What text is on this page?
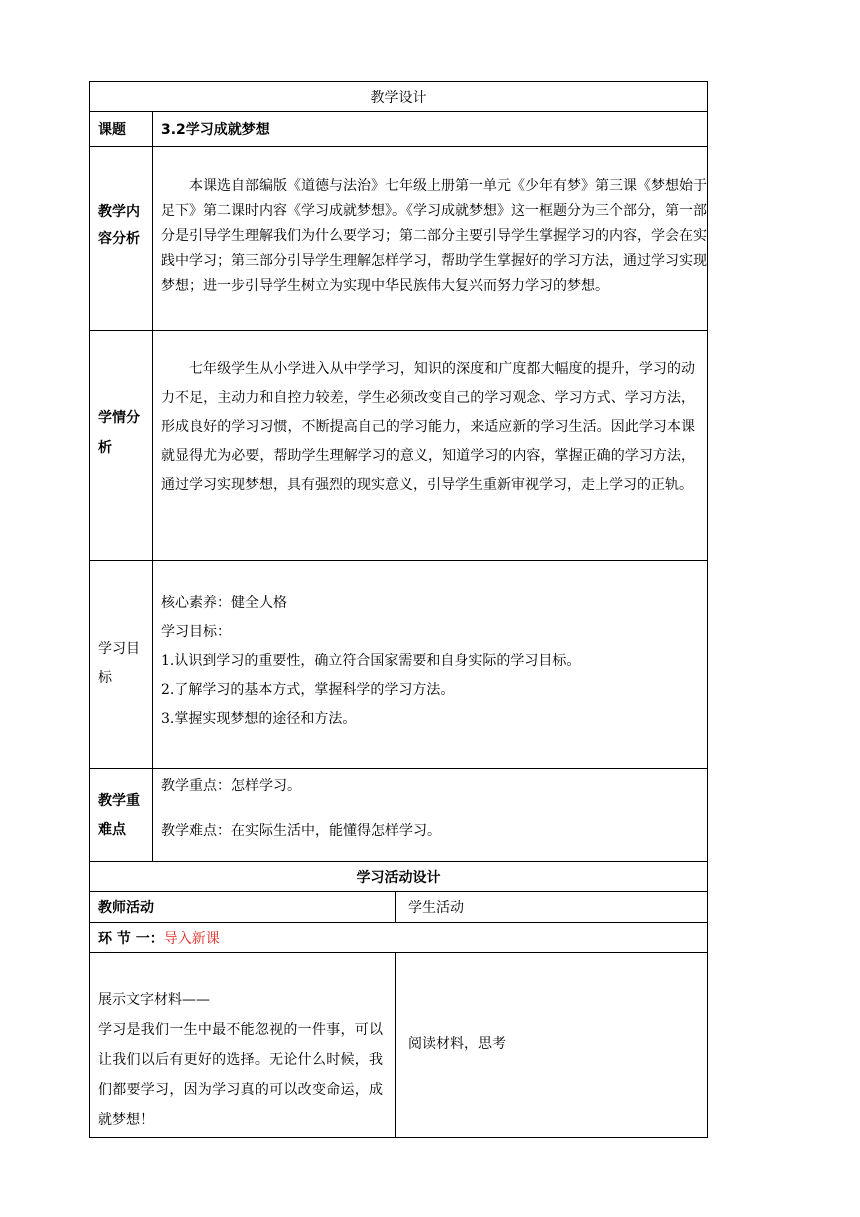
教学设计		
课题	3.2学习成就梦想	
教学内容分析	本课选自部编版《道德与法治》七年级上册第一单元《少年有梦》第三课《梦想始于足下》第二课时内容《学习成就梦想》。《学习成就梦想》这一框题分为三个部分，第一部分是引导学生理解我们为什么要学习；第二部分主要引导学生掌握学习的内容，学会在实践中学习；第三部分引导学生理解怎样学习，帮助学生掌握好的学习方法，通过学习实现梦想；进一步引导学生树立为实现中华民族伟大复兴而努力学习的梦想。	

学情分析	七年级学生从小学进入从中学学习，知识的深度和广度都大幅度的提升，学习的动力不足，主动力和自控力较差，学生必须改变自己的学习观念、学习方式、学习方法，形成良好的学习习惯，不断提高自己的学习能力，来适应新的学习生活。因此学习本课就显得尤为必要，帮助学生理解学习的意义，知道学习的内容，掌握正确的学习方法，通过学习实现梦想，具有强烈的现实意义，引导学生重新审视学习，走上学习的正轨。	

学习目标	核心素养：健全人格
学习目标：
1.认识到学习的重要性，确立符合国家需要和自身实际的学习目标。
2.了解学习的基本方式，掌握科学的学习方法。
3.掌握实现梦想的途径和方法。	

教学重难点	教学重点：怎样学习。
教学难点：在实际生活中，能懂得怎样学习。	

学习活动设计		
教师活动		学生活动
环 节 一：导入新课		

展示文字材料——
学习是我们一生中最不能忽视的一件事，可以让我们以后有更好的选择。无论什么时候，我们都要学习，因为学习真的可以改变命运，成就梦想！		阅读材料，思考
